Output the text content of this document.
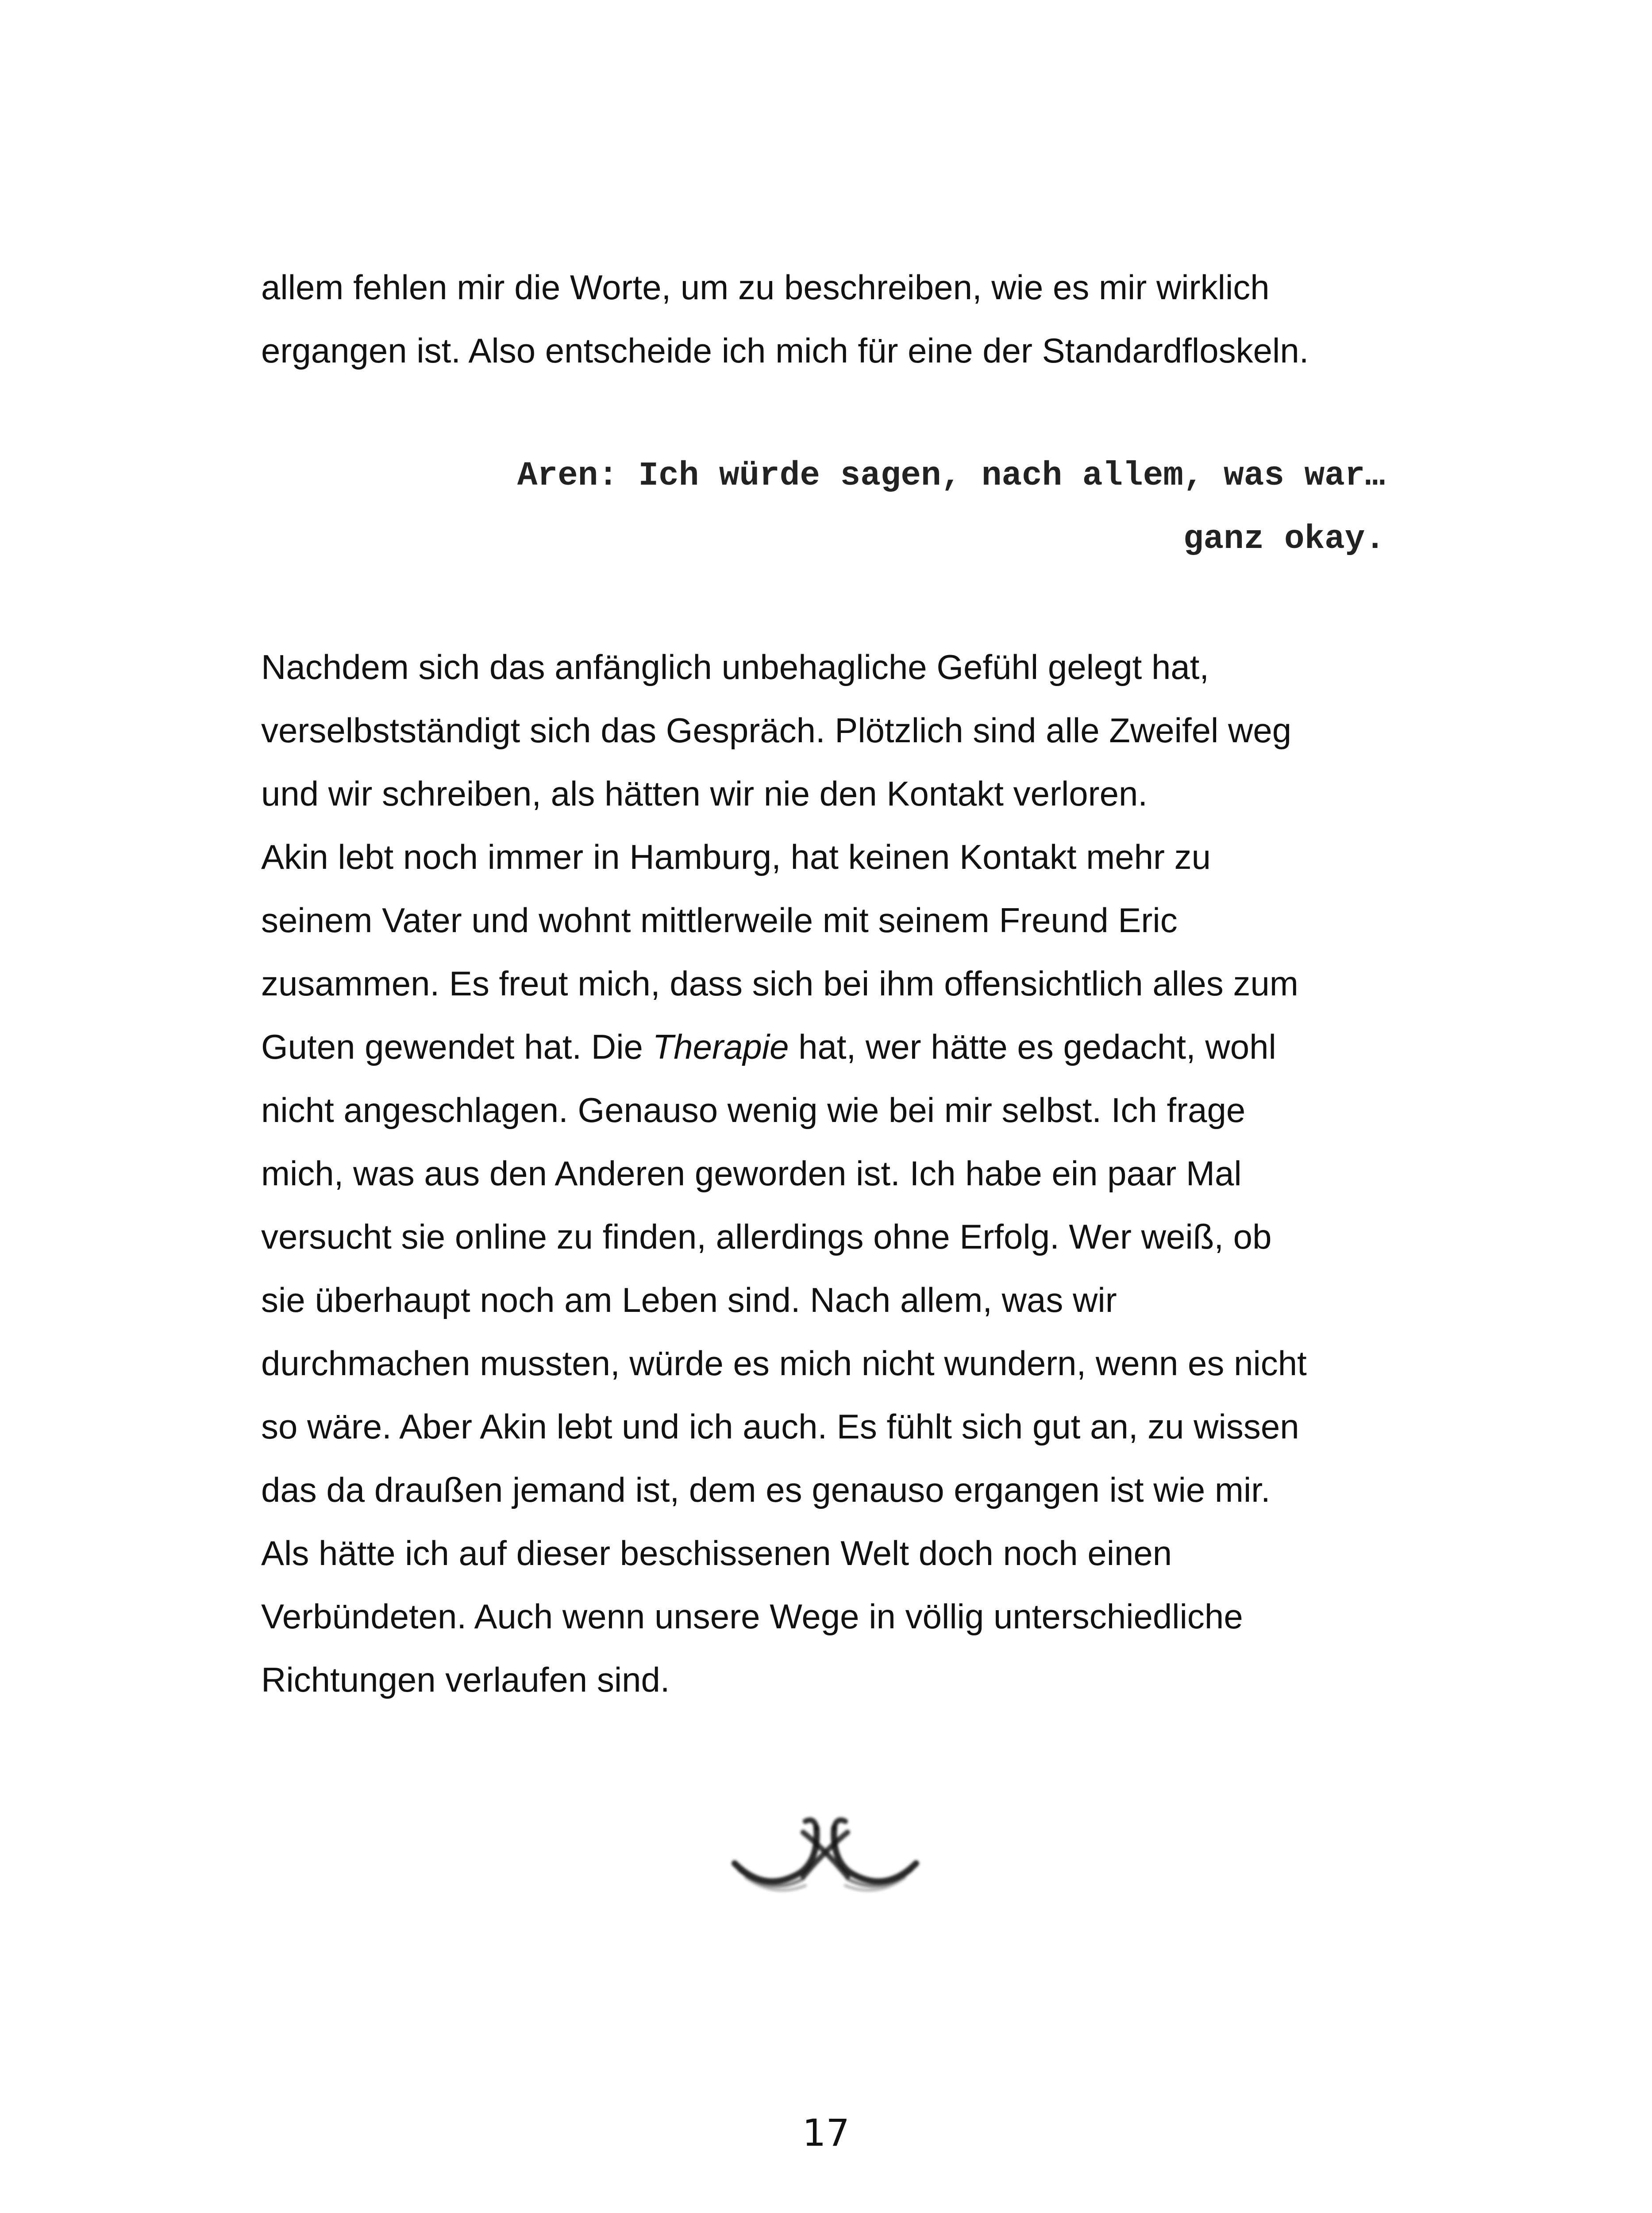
allem fehlen mir die Worte, um zu beschreiben, wie es mir wirklich
ergangen ist. Also entscheide ich mich für eine der Standardfloskeln.

Aren: Ich würde sagen, nach allem, was war…
ganz okay.

Nachdem sich das anfänglich unbehagliche Gefühl gelegt hat,
verselbstständigt sich das Gespräch. Plötzlich sind alle Zweifel weg
und wir schreiben, als hätten wir nie den Kontakt verloren.
Akin lebt noch immer in Hamburg, hat keinen Kontakt mehr zu
seinem Vater und wohnt mittlerweile mit seinem Freund Eric
zusammen. Es freut mich, dass sich bei ihm offensichtlich alles zum
Guten gewendet hat. Die Therapie hat, wer hätte es gedacht, wohl
nicht angeschlagen. Genauso wenig wie bei mir selbst. Ich frage
mich, was aus den Anderen geworden ist. Ich habe ein paar Mal
versucht sie online zu finden, allerdings ohne Erfolg. Wer weiß, ob
sie überhaupt noch am Leben sind. Nach allem, was wir
durchmachen mussten, würde es mich nicht wundern, wenn es nicht
so wäre. Aber Akin lebt und ich auch. Es fühlt sich gut an, zu wissen
das da draußen jemand ist, dem es genauso ergangen ist wie mir.
Als hätte ich auf dieser beschissenen Welt doch noch einen
Verbündeten. Auch wenn unsere Wege in völlig unterschiedliche
Richtungen verlaufen sind.

17
